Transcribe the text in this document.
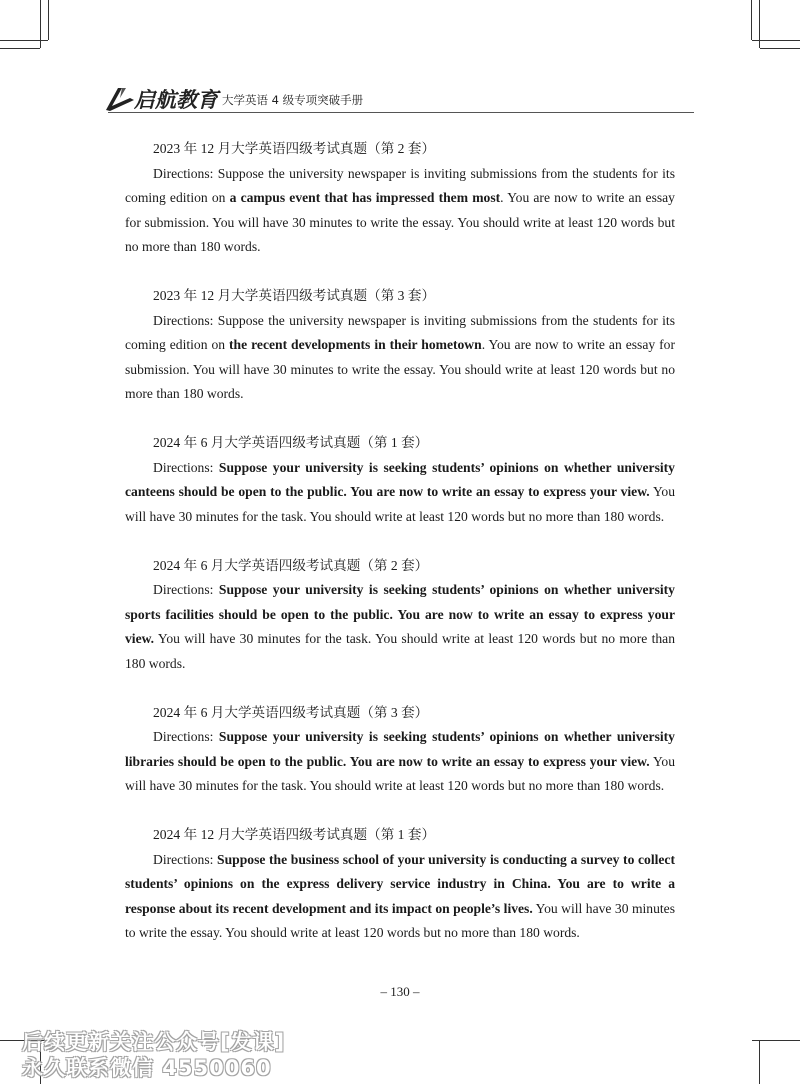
启航教育 大学英语 4 级专项突破手册
2023 年 12 月大学英语四级考试真题（第 2 套）
Directions: Suppose the university newspaper is inviting submissions from the students for its coming edition on a campus event that has impressed them most. You are now to write an essay for submission. You will have 30 minutes to write the essay. You should write at least 120 words but no more than 180 words.
2023 年 12 月大学英语四级考试真题（第 3 套）
Directions: Suppose the university newspaper is inviting submissions from the students for its coming edition on the recent developments in their hometown. You are now to write an essay for submission. You will have 30 minutes to write the essay. You should write at least 120 words but no more than 180 words.
2024 年 6 月大学英语四级考试真题（第 1 套）
Directions: Suppose your university is seeking students’ opinions on whether university canteens should be open to the public. You are now to write an essay to express your view. You will have 30 minutes for the task. You should write at least 120 words but no more than 180 words.
2024 年 6 月大学英语四级考试真题（第 2 套）
Directions: Suppose your university is seeking students’ opinions on whether university sports facilities should be open to the public. You are now to write an essay to express your view. You will have 30 minutes for the task. You should write at least 120 words but no more than 180 words.
2024 年 6 月大学英语四级考试真题（第 3 套）
Directions: Suppose your university is seeking students’ opinions on whether university libraries should be open to the public. You are now to write an essay to express your view. You will have 30 minutes for the task. You should write at least 120 words but no more than 180 words.
2024 年 12 月大学英语四级考试真题（第 1 套）
Directions: Suppose the business school of your university is conducting a survey to collect students’ opinions on the express delivery service industry in China. You are to write a response about its recent development and its impact on people’s lives. You will have 30 minutes to write the essay. You should write at least 120 words but no more than 180 words.
– 130 –
后续更新关注公众号[发课]
永久联系微信 4550060
